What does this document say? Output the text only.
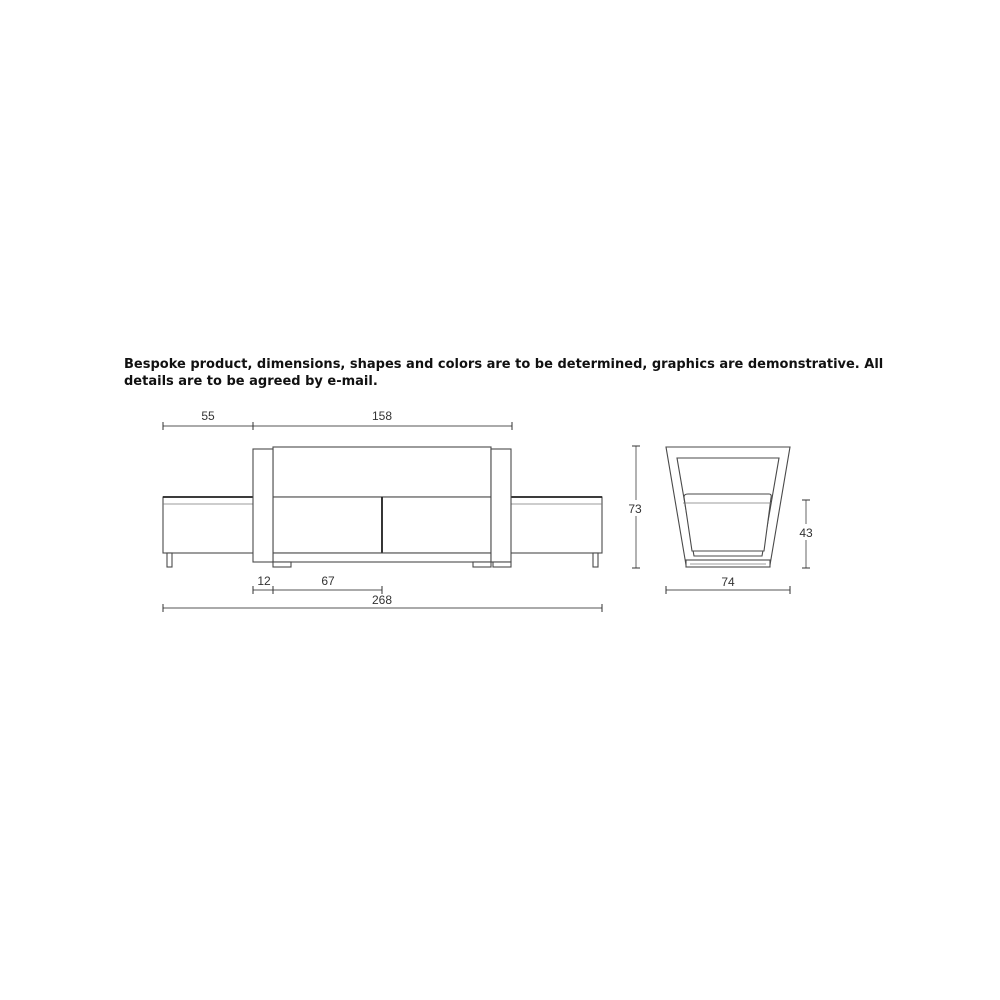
Bespoke product, dimensions, shapes and colors are to be determined, graphics are demonstrative. All
details are to be agreed by e-mail.

55	158
12	67
268
73
43
74
